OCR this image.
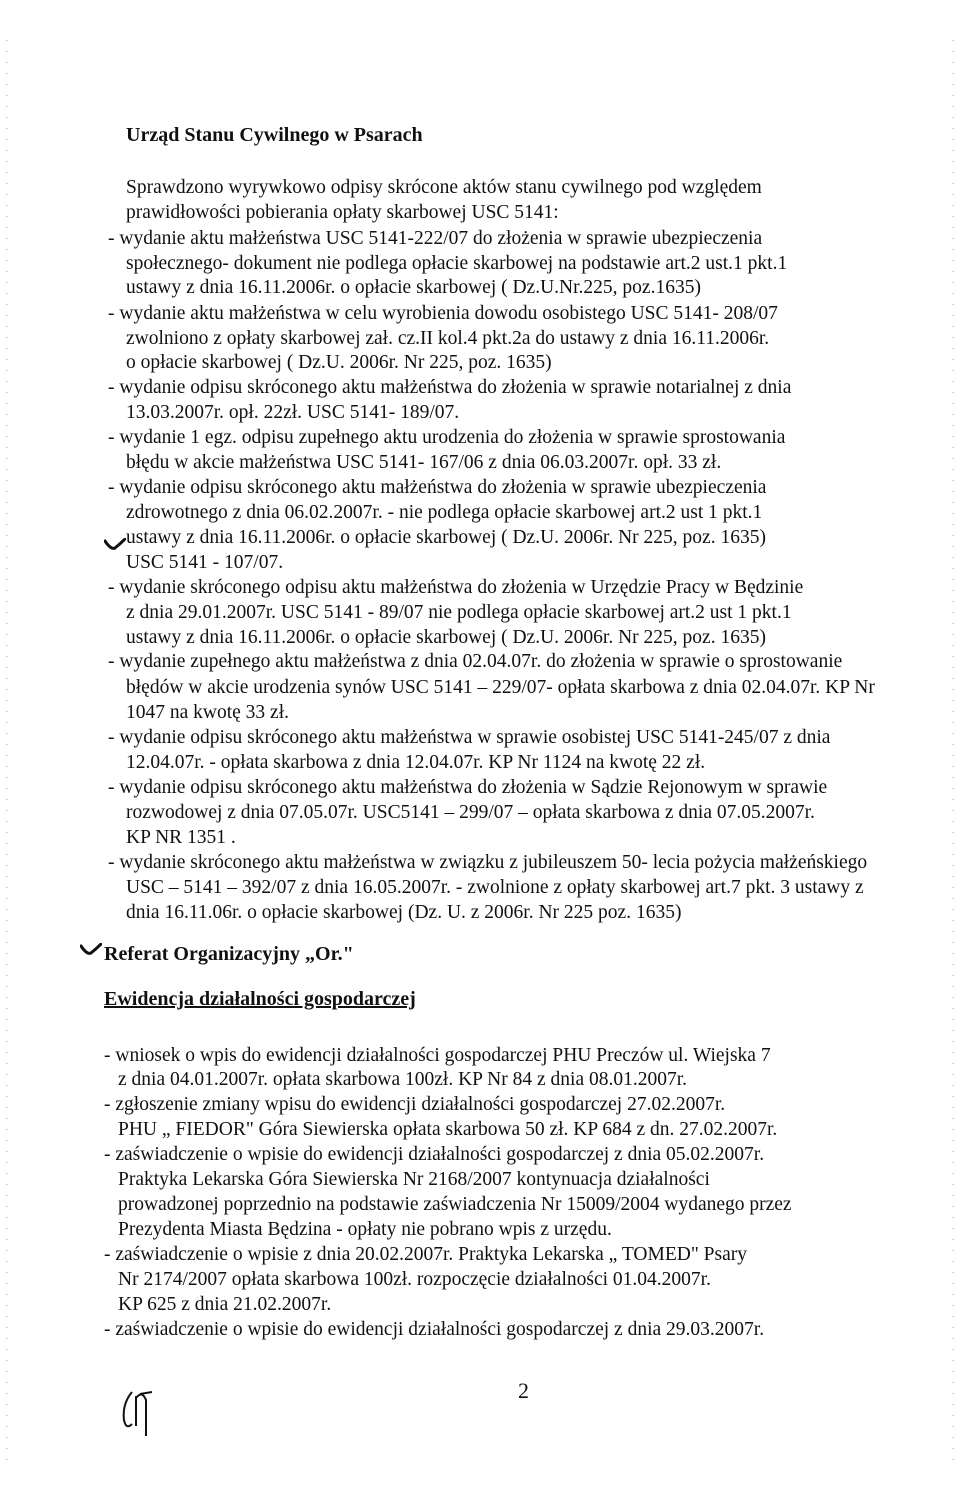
Urząd Stanu Cywilnego w Psarach
Sprawdzono wyrywkowo odpisy skrócone aktów stanu cywilnego pod względem
prawidłowości pobierania opłaty skarbowej USC 5141:
- wydanie aktu małżeństwa USC 5141-222/07 do złożenia w sprawie ubezpieczenia
społecznego- dokument nie podlega opłacie skarbowej na podstawie art.2 ust.1 pkt.1
ustawy z dnia 16.11.2006r. o opłacie skarbowej ( Dz.U.Nr.225, poz.1635)
- wydanie aktu małżeństwa w celu wyrobienia dowodu osobistego USC 5141- 208/07
zwolniono z opłaty skarbowej zał. cz.II kol.4 pkt.2a do ustawy z dnia 16.11.2006r.
o opłacie skarbowej ( Dz.U. 2006r. Nr 225, poz. 1635)
- wydanie odpisu skróconego aktu małżeństwa do złożenia w sprawie notarialnej z dnia
13.03.2007r. opł. 22zł. USC 5141- 189/07.
- wydanie 1 egz. odpisu zupełnego aktu urodzenia do złożenia w sprawie sprostowania
błędu w akcie małżeństwa USC 5141- 167/06 z dnia 06.03.2007r. opł. 33 zł.
- wydanie odpisu skróconego aktu małżeństwa do złożenia w sprawie ubezpieczenia
zdrowotnego z dnia 06.02.2007r. - nie podlega opłacie skarbowej art.2 ust 1 pkt.1
ustawy z dnia 16.11.2006r. o opłacie skarbowej ( Dz.U. 2006r. Nr 225, poz. 1635)
USC 5141 - 107/07.
- wydanie skróconego odpisu aktu małżeństwa do złożenia w Urzędzie Pracy w Będzinie
z dnia 29.01.2007r. USC 5141 - 89/07 nie podlega opłacie skarbowej art.2 ust 1 pkt.1
ustawy z dnia 16.11.2006r. o opłacie skarbowej ( Dz.U. 2006r. Nr 225, poz. 1635)
- wydanie zupełnego aktu małżeństwa z dnia 02.04.07r. do złożenia w sprawie o sprostowanie
błędów w akcie urodzenia synów USC 5141 – 229/07- opłata skarbowa z dnia 02.04.07r. KP Nr
1047 na kwotę 33 zł.
- wydanie odpisu skróconego aktu małżeństwa w sprawie osobistej USC 5141-245/07 z dnia
12.04.07r. - opłata skarbowa z dnia 12.04.07r. KP Nr 1124 na kwotę 22 zł.
- wydanie odpisu skróconego aktu małżeństwa do złożenia w Sądzie Rejonowym w sprawie
rozwodowej z dnia 07.05.07r. USC5141 – 299/07 – opłata skarbowa z dnia 07.05.2007r.
KP NR 1351 .
- wydanie skróconego aktu małżeństwa w związku z jubileuszem 50- lecia pożycia małżeńskiego
USC – 5141 – 392/07 z dnia 16.05.2007r. - zwolnione z opłaty skarbowej art.7 pkt. 3 ustawy z
dnia 16.11.06r. o opłacie skarbowej (Dz. U. z 2006r. Nr 225 poz. 1635)
Referat Organizacyjny „Or."
Ewidencja działalności gospodarczej
- wniosek o wpis do ewidencji działalności gospodarczej PHU Preczów ul. Wiejska 7
z dnia 04.01.2007r. opłata skarbowa 100zł. KP Nr 84 z dnia 08.01.2007r.
- zgłoszenie zmiany wpisu do ewidencji działalności gospodarczej 27.02.2007r.
PHU „ FIEDOR" Góra Siewierska opłata skarbowa 50 zł. KP 684 z dn. 27.02.2007r.
- zaświadczenie o wpisie do ewidencji działalności gospodarczej z dnia 05.02.2007r.
Praktyka Lekarska Góra Siewierska Nr 2168/2007 kontynuacja działalności
prowadzonej poprzednio na podstawie zaświadczenia Nr 15009/2004 wydanego przez
Prezydenta Miasta Będzina - opłaty nie pobrano wpis z urzędu.
- zaświadczenie o wpisie z dnia 20.02.2007r. Praktyka Lekarska „ TOMED" Psary
Nr 2174/2007 opłata skarbowa 100zł. rozpoczęcie działalności 01.04.2007r.
KP 625 z dnia 21.02.2007r.
- zaświadczenie o wpisie do ewidencji działalności gospodarczej z dnia 29.03.2007r.
2
